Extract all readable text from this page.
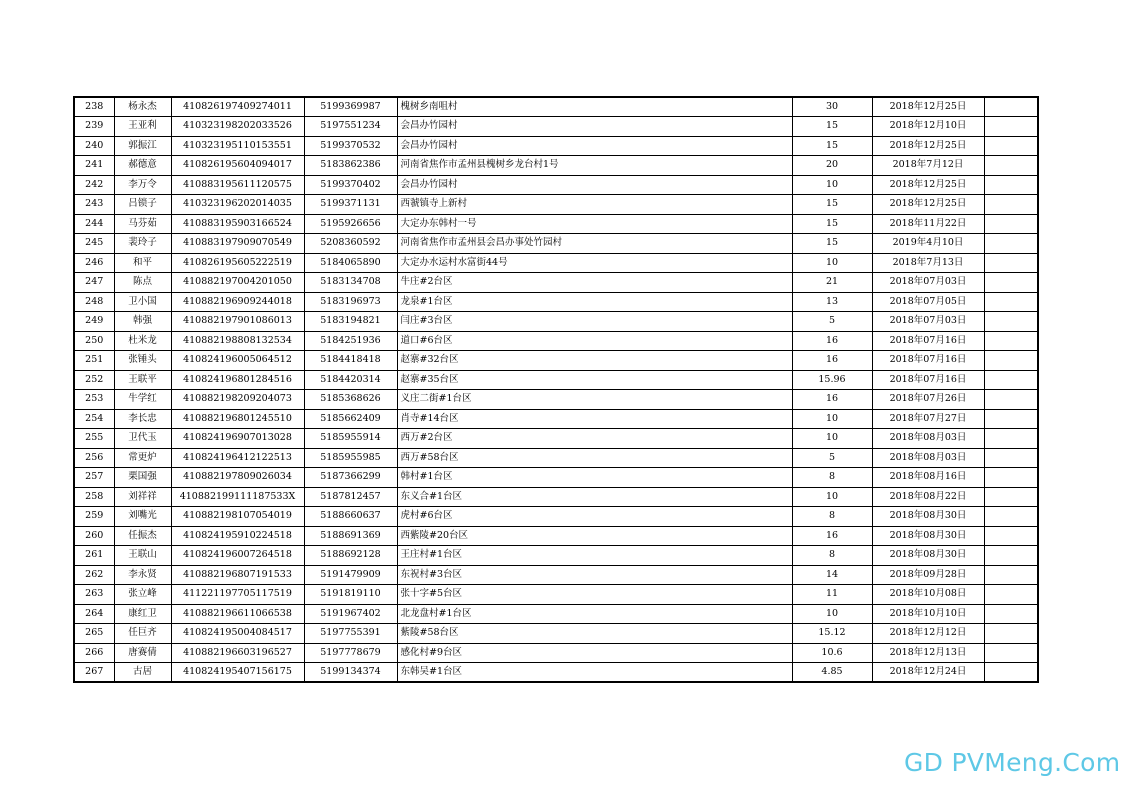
238	杨永杰	410826197409274011	5199369987	槐树乡南咀村	30	2018年12月25日	
239	王亚利	410323198202033526	5197551234	会昌办竹园村	15	2018年12月10日	
240	郭振江	410323195110153551	5199370532	会昌办竹园村	15	2018年12月25日	
241	郝德意	410826195604094017	5183862386	河南省焦作市孟州县槐树乡龙台村1号	20	2018年7月12日	
242	李万令	410883195611120575	5199370402	会昌办竹园村	10	2018年12月25日	
243	吕锁子	410323196202014035	5199371131	西虢镇寺上新村	15	2018年12月25日	
244	马芬茹	410883195903166524	5195926656	大定办东韩村一号	15	2018年11月22日	
245	裴玲子	410883197909070549	5208360592	河南省焦作市孟州县会昌办事处竹园村	15	2019年4月10日	
246	和平	410826195605222519	5184065890	大定办水运村水富街44号	10	2018年7月13日	
247	陈点	410882197004201050	5183134708	牛庄#2台区	21	2018年07月03日	
248	卫小国	410882196909244018	5183196973	龙泉#1台区	13	2018年07月05日	
249	韩强	410882197901086013	5183194821	闫庄#3台区	5	2018年07月03日	
250	杜米龙	410882198808132534	5184251936	道口#6台区	16	2018年07月16日	
251	张锤头	410824196005064512	5184418418	赵寨#32台区	16	2018年07月16日	
252	王联平	410824196801284516	5184420314	赵寨#35台区	15.96	2018年07月16日	
253	牛学红	410882198209204073	5185368626	义庄二街#1台区	16	2018年07月26日	
254	李长忠	410882196801245510	5185662409	肖寺#14台区	10	2018年07月27日	
255	卫代玉	410824196907013028	5185955914	西万#2台区	10	2018年08月03日	
256	常更炉	410824196412122513	5185955985	西万#58台区	5	2018年08月03日	
257	栗国强	410882197809026034	5187366299	韩村#1台区	8	2018年08月16日	
258	刘祥祥	410882199111187533X	5187812457	东义合#1台区	10	2018年08月22日	
259	刘嘴光	410882198107054019	5188660637	虎村#6台区	8	2018年08月30日	
260	任振杰	410824195910224518	5188691369	西紫陵#20台区	16	2018年08月30日	
261	王联山	410824196007264518	5188692128	王庄村#1台区	8	2018年08月30日	
262	李永贤	410882196807191533	5191479909	东祝村#3台区	14	2018年09月28日	
263	张立峰	411221197705117519	5191819110	张十字#5台区	11	2018年10月08日	
264	康红卫	410882196611066538	5191967402	北龙盘村#1台区	10	2018年10月10日	
265	任巨齐	410824195004084517	5197755391	紫陵#58台区	15.12	2018年12月12日	
266	唐赛倩	410882196603196527	5197778679	感化村#9台区	10.6	2018年12月13日	
267	古居	410824195407156175	5199134374	东韩吴#1台区	4.85	2018年12月24日	
GD PVMeng.Com
